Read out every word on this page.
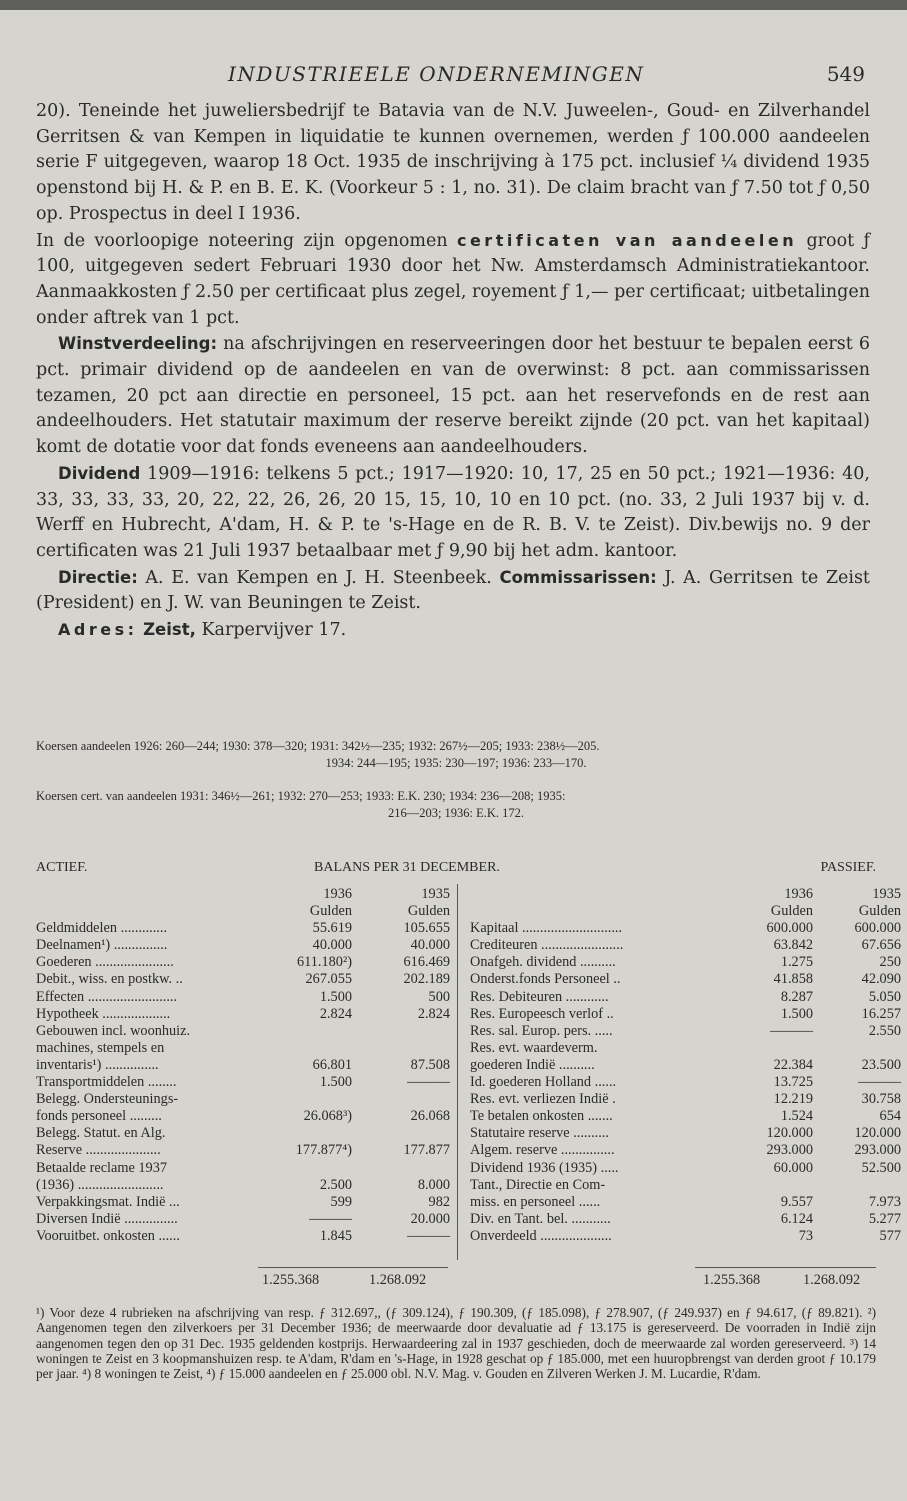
INDUSTRIEELE ONDERNEMINGEN	549

20). Teneinde het juweliersbedrijf te Batavia van de N.V. Juweelen-, Goud- en Zilverhandel Gerritsen & van Kempen in liquidatie te kunnen overnemen, werden ƒ 100.000 aandeelen serie F uitgegeven, waarop 18 Oct. 1935 de inschrijving à 175 pct. inclusief ¼ dividend 1935 openstond bij H. & P. en B. E. K. (Voorkeur 5 : 1, no. 31). De claim bracht van ƒ 7.50 tot ƒ 0,50 op. Prospectus in deel I 1936.

In de voorloopige noteering zijn opgenomen certificaten van aandeelen groot ƒ 100, uitgegeven sedert Februari 1930 door het Nw. Amsterdamsch Administratiekantoor. Aanmaakkosten ƒ 2.50 per certificaat plus zegel, royement ƒ 1,— per certificaat; uitbetalingen onder aftrek van 1 pct.

Winstverdeeling: na afschrijvingen en reserveeringen door het bestuur te bepalen eerst 6 pct. primair dividend op de aandeelen en van de overwinst: 8 pct. aan commissarissen tezamen, 20 pct aan directie en personeel, 15 pct. aan het reservefonds en de rest aan andeelhouders. Het statutair maximum der reserve bereikt zijnde (20 pct. van het kapitaal) komt de dotatie voor dat fonds eveneens aan aandeelhouders.

Dividend 1909—1916: telkens 5 pct.; 1917—1920: 10, 17, 25 en 50 pct.; 1921—1936: 40, 33, 33, 33, 33, 20, 22, 22, 26, 26, 20 15, 15, 10, 10 en 10 pct. (no. 33, 2 Juli 1937 bij v. d. Werff en Hubrecht, A'dam, H. & P. te 's-Hage en de R. B. V. te Zeist). Div.bewijs no. 9 der certificaten was 21 Juli 1937 betaalbaar met ƒ 9,90 bij het adm. kantoor.

Directie: A. E. van Kempen en J. H. Steenbeek. Commissarissen: J. A. Gerritsen te Zeist (President) en J. W. van Beuningen te Zeist.

Adres: Zeist, Karpervijver 17.

Koersen aandeelen 1926: 260—244; 1930: 378—320; 1931: 342½—235; 1932: 267½—205; 1933: 238½—205.
1934: 244—195; 1935: 230—197; 1936: 233—170.
Koersen cert. van aandeelen 1931: 346½—261; 1932: 270—253; 1933: E.K. 230; 1934: 236—208; 1935:
216—203; 1936: E.K. 172.
ACTIEF.	BALANS PER 31 DECEMBER.	PASSIEF.
	1936	1935
	Gulden	Gulden
Geldmiddelen .............	55.619	105.655
Deelnamen¹) ...............	40.000	40.000
Goederen ......................	611.180²)	616.469
Debit., wiss. en postkw. ..	267.055	202.189
Effecten .........................	1.500	500
Hypotheek ...................	2.824	2.824
Gebouwen incl. woonhuiz.		
machines, stempels en		
inventaris¹) ...............	66.801	87.508
Transportmiddelen ........	1.500	———
Belegg. Ondersteunings-		
fonds personeel .........	26.068³)	26.068
Belegg. Statut. en Alg.		
Reserve .....................	177.877⁴)	177.877
Betaalde reclame 1937		
(1936) ........................	2.500	8.000
Verpakkingsmat. Indië ...	599	982
Diversen Indië ...............	———	20.000
Vooruitbet. onkosten ......	1.845	———
	1936	1935
	Gulden	Gulden
Kapitaal ............................	600.000	600.000
Crediteuren .......................	63.842	67.656
Onafgeh. dividend ..........	1.275	250
Onderst.fonds Personeel ..	41.858	42.090
Res. Debiteuren ............	8.287	5.050
Res. Europeesch verlof ..	1.500	16.257
Res. sal. Europ. pers. .....	———	2.550
Res. evt. waardeverm.		
goederen Indië ..........	22.384	23.500
Id. goederen Holland ......	13.725	———
Res. evt. verliezen Indië .	12.219	30.758
Te betalen onkosten .......	1.524	654
Statutaire reserve ..........	120.000	120.000
Algem. reserve ...............	293.000	293.000
Dividend 1936 (1935) .....	60.000	52.500
Tant., Directie en Com-		
miss. en personeel ......	9.557	7.973
Div. en Tant. bel. ...........	6.124	5.277
Onverdeeld ....................	73	577
1.255.368	1.268.092	1.255.368	1.268.092
¹) Voor deze 4 rubrieken na afschrijving van resp. ƒ 312.697,, (ƒ 309.124), ƒ 190.309, (ƒ 185.098), ƒ 278.907, (ƒ 249.937) en ƒ 94.617, (ƒ 89.821). ²) Aangenomen tegen den zilverkoers per 31 December 1936; de meerwaarde door devaluatie ad ƒ 13.175 is gereserveerd. De voorraden in Indië zijn aangenomen tegen den op 31 Dec. 1935 geldenden kostprijs. Herwaardeering zal in 1937 geschieden, doch de meerwaarde zal worden gereserveerd. ³) 14 woningen te Zeist en 3 koopmanshuizen resp. te A'dam, R'dam en 's-Hage, in 1928 geschat op ƒ 185.000, met een huuropbrengst van derden groot ƒ 10.179 per jaar. ⁴) 8 woningen te Zeist, ⁴) ƒ 15.000 aandeelen en ƒ 25.000 obl. N.V. Mag. v. Gouden en Zilveren Werken J. M. Lucardie, R'dam.
